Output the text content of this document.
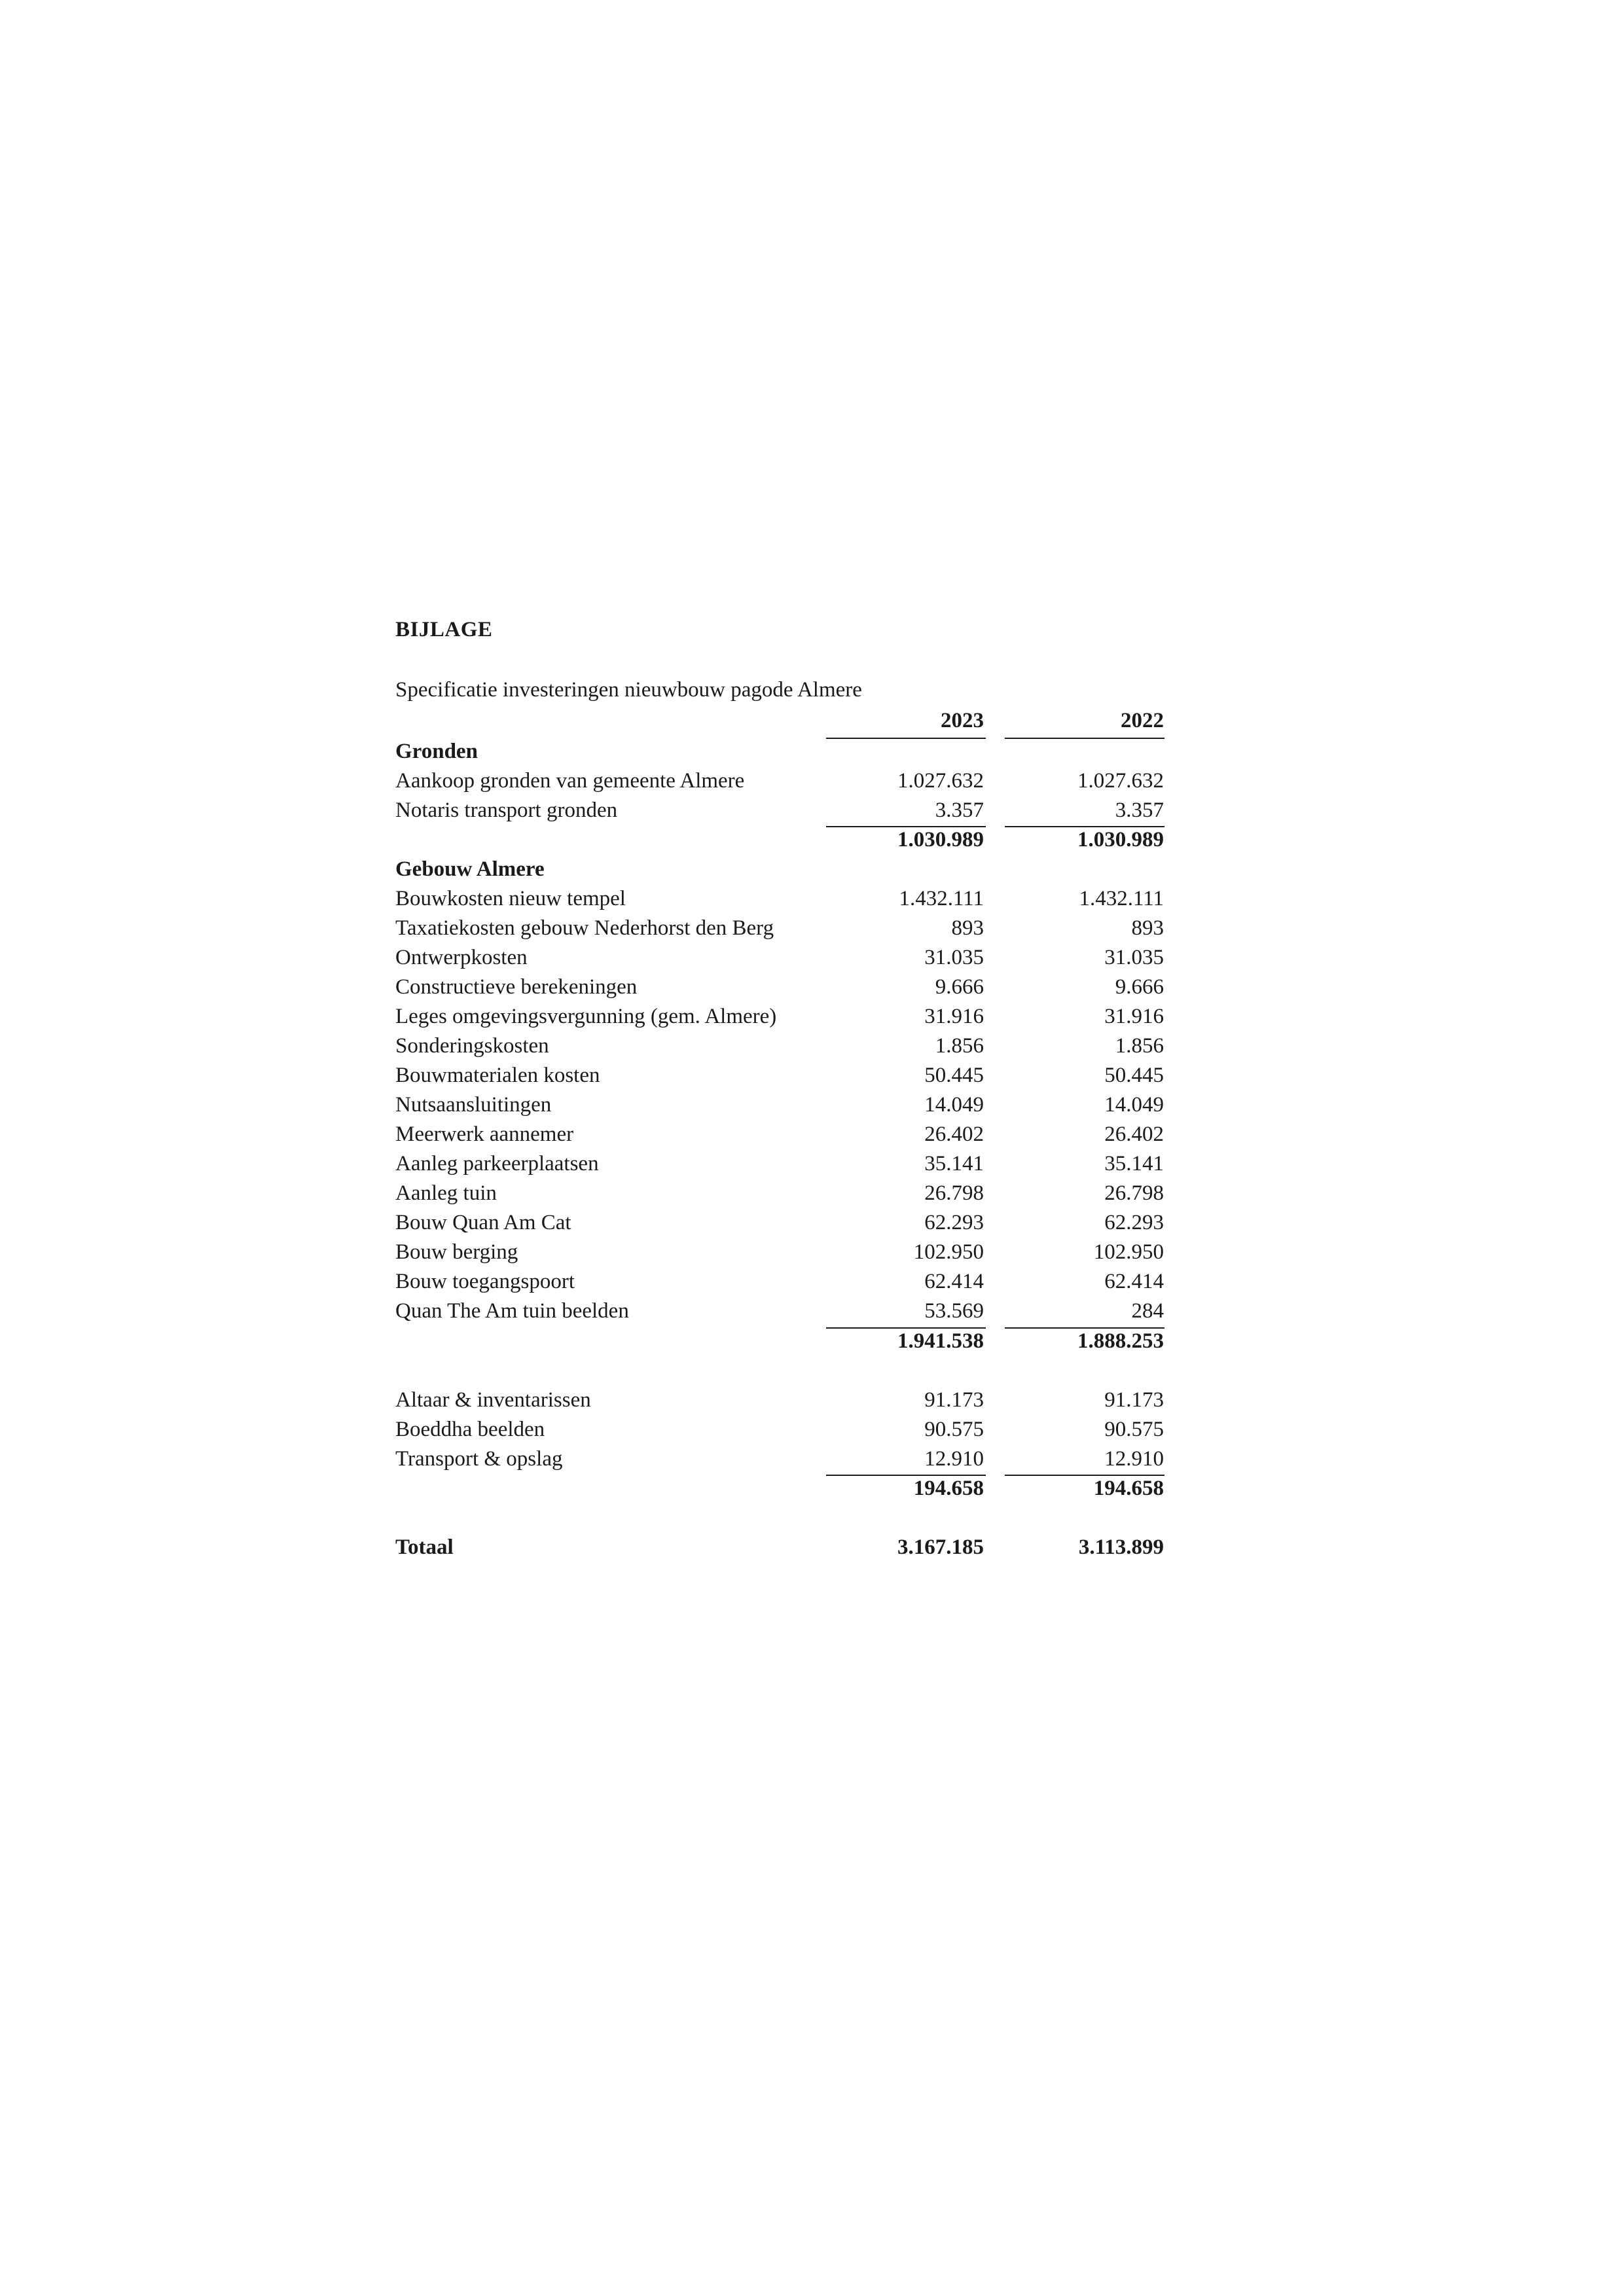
BIJLAGE
Specificatie investeringen nieuwbouw pagode Almere
2023	2022
Gronden
Aankoop gronden van gemeente Almere	1.027.632	1.027.632
Notaris transport gronden	3.357	3.357
1.030.989	1.030.989
Gebouw Almere
Bouwkosten nieuw tempel	1.432.111	1.432.111
Taxatiekosten gebouw Nederhorst den Berg	893	893
Ontwerpkosten	31.035	31.035
Constructieve berekeningen	9.666	9.666
Leges omgevingsvergunning (gem. Almere)	31.916	31.916
Sonderingskosten	1.856	1.856
Bouwmaterialen kosten	50.445	50.445
Nutsaansluitingen	14.049	14.049
Meerwerk aannemer	26.402	26.402
Aanleg parkeerplaatsen	35.141	35.141
Aanleg tuin	26.798	26.798
Bouw Quan Am Cat	62.293	62.293
Bouw berging	102.950	102.950
Bouw toegangspoort	62.414	62.414
Quan The Am tuin beelden	53.569	284
1.941.538	1.888.253
Altaar & inventarissen	91.173	91.173
Boeddha beelden	90.575	90.575
Transport & opslag	12.910	12.910
194.658	194.658
Totaal	3.167.185	3.113.899
